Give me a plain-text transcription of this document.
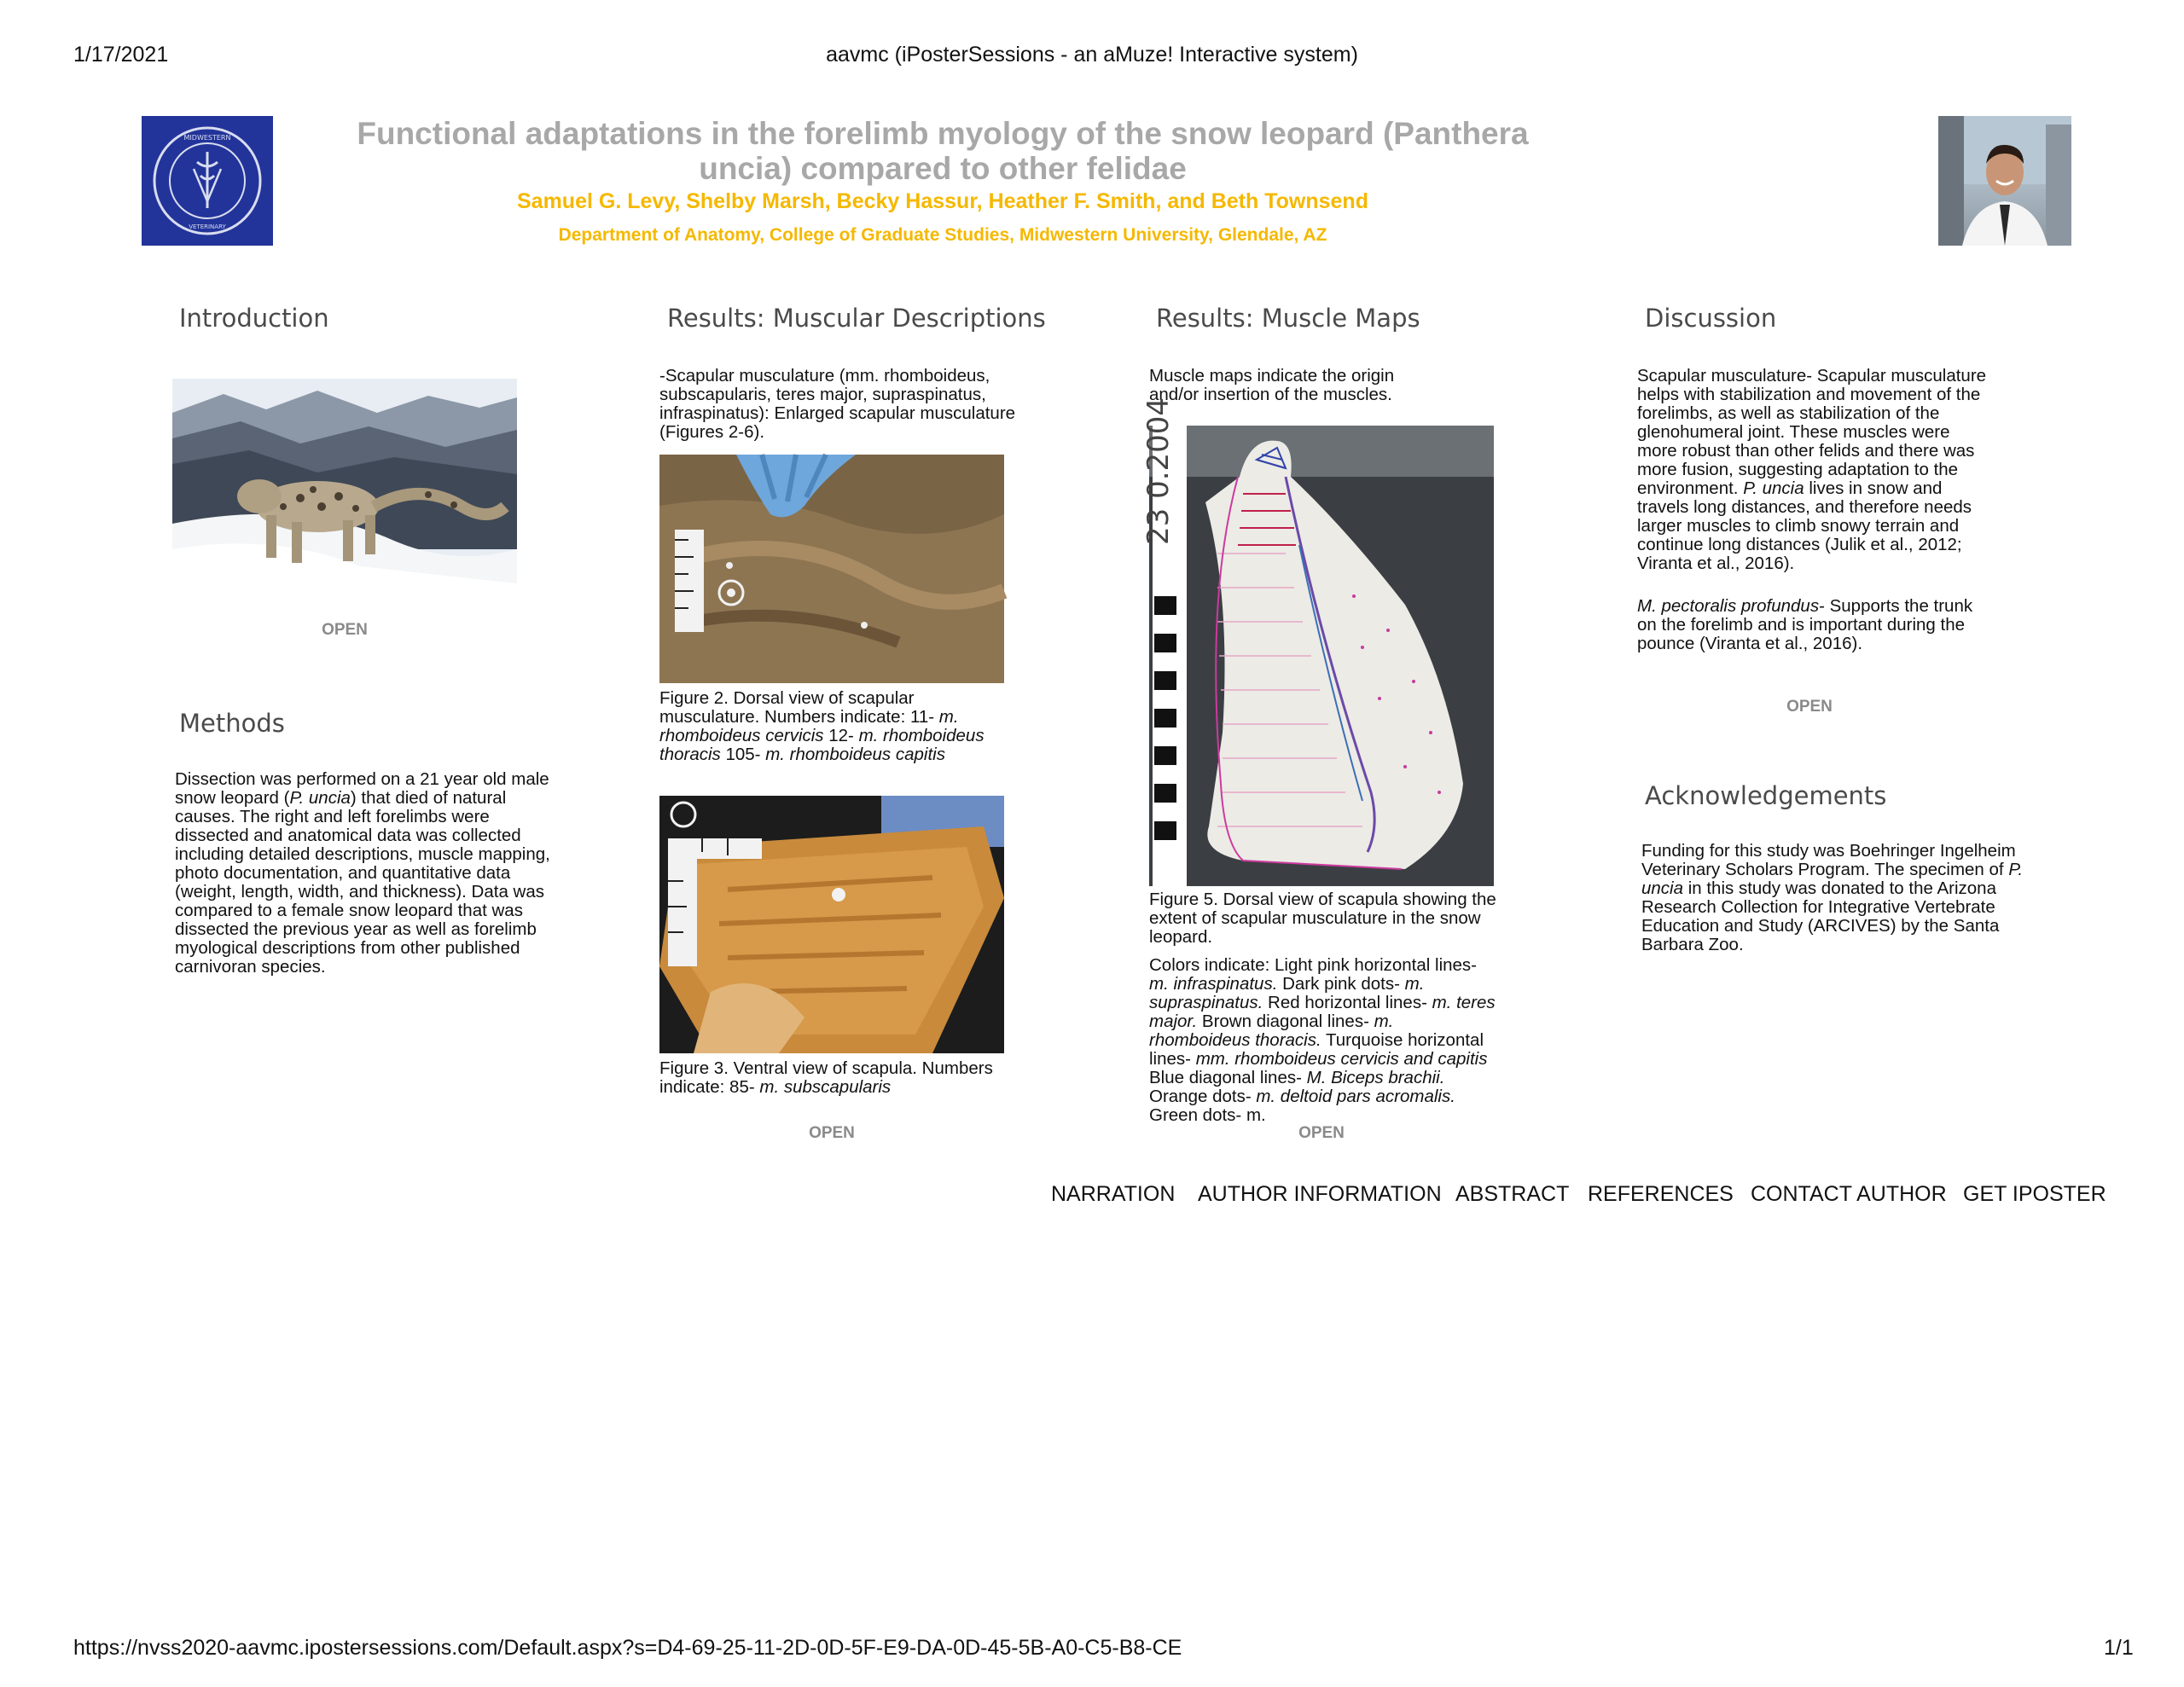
1/17/2021	aavmc (iPosterSessions - an aMuze! Interactive system)
MIDWESTERN
VETERINARY
Functional adaptations in the forelimb myology of the snow leopard (Panthera uncia) compared to other felidae
Samuel G. Levy, Shelby Marsh, Becky Hassur, Heather F. Smith, and Beth Townsend
Department of Anatomy, College of Graduate Studies, Midwestern University, Glendale, AZ
Introduction
OPEN
Methods
Dissection was performed on a 21 year old male snow leopard (P. uncia) that died of natural causes. The right and left forelimbs were dissected and anatomical data was collected including detailed descriptions, muscle mapping, photo documentation, and quantitative data (weight, length, width, and thickness). Data was compared to a female snow leopard that was dissected the previous year as well as forelimb myological descriptions from other published carnivoran species.
Results: Muscular Descriptions
-Scapular musculature (mm. rhomboideus, subscapularis, teres major, supraspinatus, infraspinatus): Enlarged scapular musculature (Figures 2-6).
Figure 2. Dorsal view of scapular musculature. Numbers indicate: 11- m. rhomboideus cervicis 12- m. rhomboideus thoracis 105- m. rhomboideus capitis
Figure 3. Ventral view of scapula. Numbers indicate: 85- m. subscapularis
OPEN
Results: Muscle Maps
Muscle maps indicate the origin and/or insertion of the muscles.
23 0.2004
Figure 5. Dorsal view of scapula showing the extent of scapular musculature in the snow leopard.
Colors indicate: Light pink horizontal lines- m. infraspinatus. Dark pink dots- m. supraspinatus. Red horizontal lines- m. teres major. Brown diagonal lines- m. rhomboideus thoracis. Turquoise horizontal lines- mm. rhomboideus cervicis and capitis Blue diagonal lines- M. Biceps brachii. Orange dots- m. deltoid pars acromalis. Green dots- m.
OPEN
Discussion
Scapular musculature- Scapular musculature helps with stabilization and movement of the forelimbs, as well as stabilization of the glenohumeral joint. These muscles were more robust than other felids and there was more fusion, suggesting adaptation to the environment. P. uncia lives in snow and travels long distances, and therefore needs larger muscles to climb snowy terrain and continue long distances (Julik et al., 2012; Viranta et al., 2016).
M. pectoralis profundus- Supports the trunk on the forelimb and is important during the pounce (Viranta et al., 2016).
OPEN
Acknowledgements
Funding for this study was Boehringer Ingelheim Veterinary Scholars Program. The specimen of P. uncia in this study was donated to the Arizona Research Collection for Integrative Vertebrate Education and Study (ARCIVES) by the Santa Barbara Zoo.
NARRATION AUTHOR INFORMATION ABSTRACT REFERENCES CONTACT AUTHOR GET IPOSTER
https://nvss2020-aavmc.ipostersessions.com/Default.aspx?s=D4-69-25-11-2D-0D-5F-E9-DA-0D-45-5B-A0-C5-B8-CE	1/1
